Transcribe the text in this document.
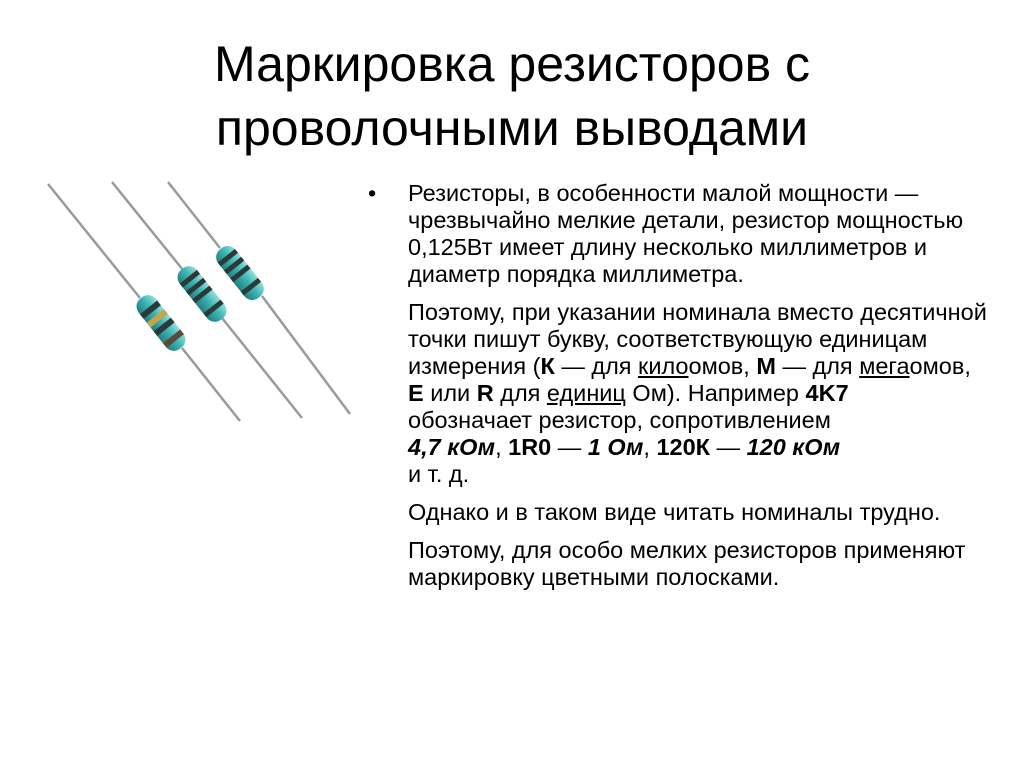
Маркировка резисторов с
проволочными выводами
• Резисторы, в особенности малой мощности — чрезвычайно мелкие детали, резистор мощностью 0,125Вт имеет длину несколько миллиметров и диаметр порядка миллиметра.

Поэтому, при указании номинала вместо десятичной точки пишут букву, соответствующую единицам измерения (К — для килоомов, М — для мегаомов,
Е или R для единиц Ом). Например 4K7
обозначает резистор, сопротивлением
4,7 кОм, 1R0 — 1 Ом, 120К — 120 кОм
и т. д.

Однако и в таком виде читать номиналы трудно.

Поэтому, для особо мелких резисторов применяют маркировку цветными полосками.
